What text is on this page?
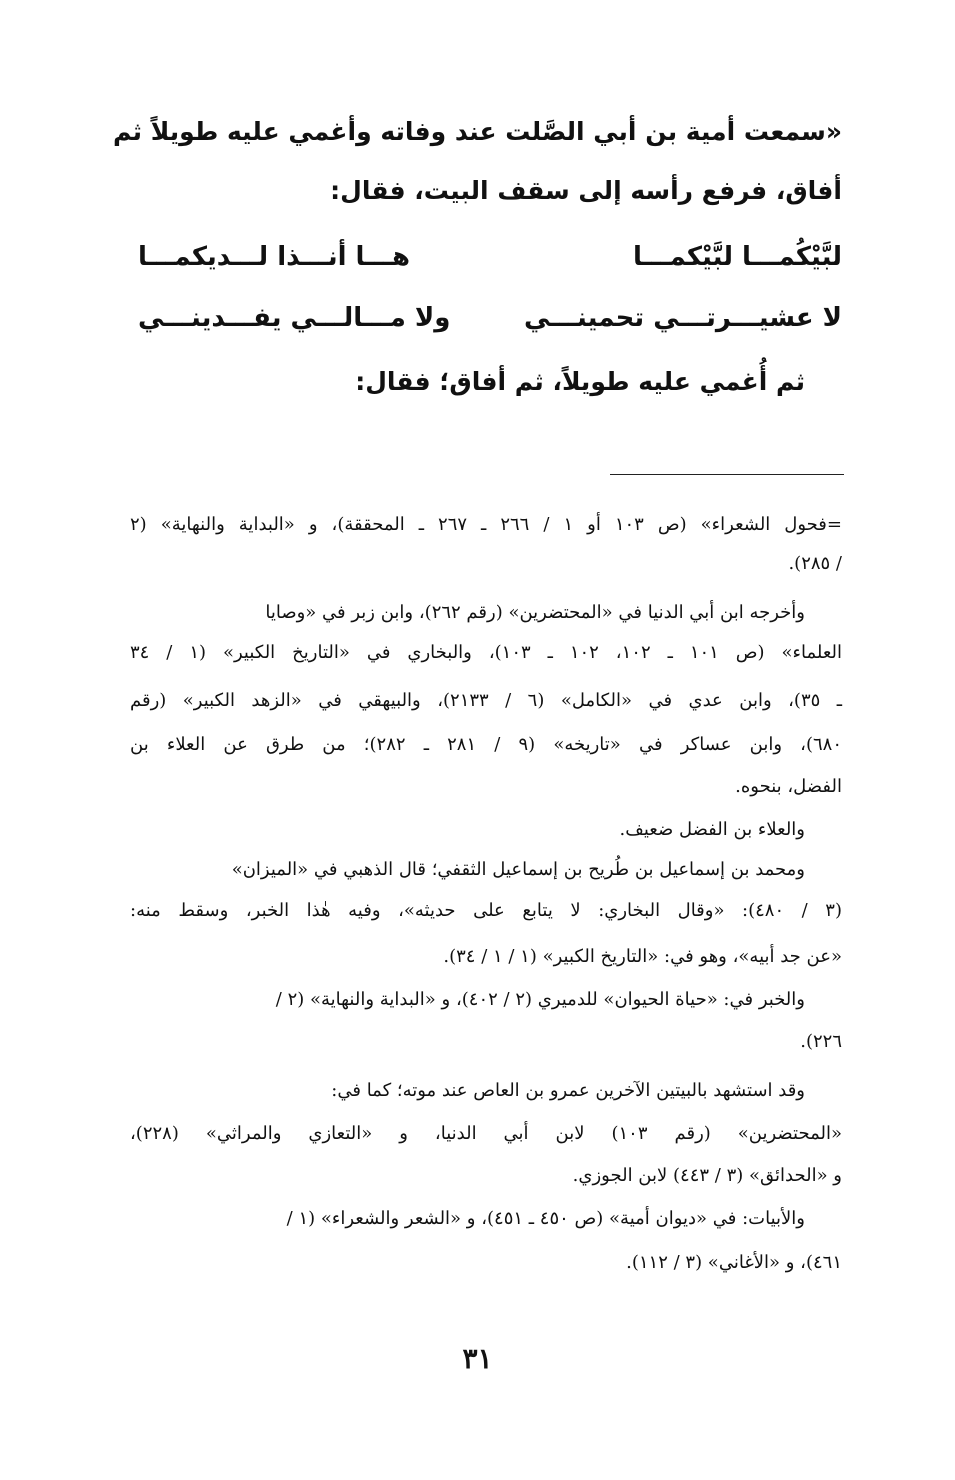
«سمعت أمية بن أبي الصَّلت عند وفاته وأغمي عليه طويلاً ثم
أفاق، فرفع رأسه إلى سقف البيت، فقال:
لبَّيْكُمـــا لبَّيْكمـــا
هـــا أنـــذا لـــديكمـــا
لا عشيـــرتـــي تحمينـــي
ولا مـــالـــي يفـــدينـــي
ثم أُغمي عليه طويلاً، ثم أفاق؛ فقال:
=فحول الشعراء» (ص ١٠٣ أو ١ / ٢٦٦ ـ ٢٦٧ ـ المحققة)، و «البداية والنهاية» (٢
/ ٢٨٥).
وأخرجه ابن أبي الدنيا في «المحتضرين» (رقم ٢٦٢)، وابن زبر في «وصايا
العلماء» (ص ١٠١ ـ ١٠٢، ١٠٢ ـ ١٠٣)، والبخاري في «التاريخ الكبير» (١ / ٣٤
ـ ٣٥)، وابن عدي في «الكامل» (٦ / ٢١٣٣)، والبيهقي في «الزهد الكبير» (رقم
٦٨٠)، وابن عساكر في «تاريخه» (٩ / ٢٨١ ـ ٢٨٢)؛ من طرق عن العلاء بن
الفضل، بنحوه.
والعلاء بن الفضل ضعيف.
ومحمد بن إسماعيل بن طُريح بن إسماعيل الثقفي؛ قال الذهبي في «الميزان»
(٣ / ٤٨٠): «وقال البخاري: لا يتابع على حديثه»، وفيه هٰذا الخبر، وسقط منه:
«عن جد أبيه»، وهو في: «التاريخ الكبير» (١ / ١ / ٣٤).
والخبر في: «حياة الحيوان» للدميري (٢ / ٤٠٢)، و «البداية والنهاية» (٢ /
٢٢٦).
وقد استشهد بالبيتين الآخرين عمرو بن العاص عند موته؛ كما في:
«المحتضرين» (رقم ١٠٣) لابن أبي الدنيا، و «التعازي والمراثي» (٢٢٨)،
و «الحدائق» (٣ / ٤٤٣) لابن الجوزي.
والأبيات: في «ديوان أمية» (ص ٤٥٠ ـ ٤٥١)، و «الشعر والشعراء» (١ /
٤٦١)، و «الأغاني» (٣ / ١١٢).
٣١
